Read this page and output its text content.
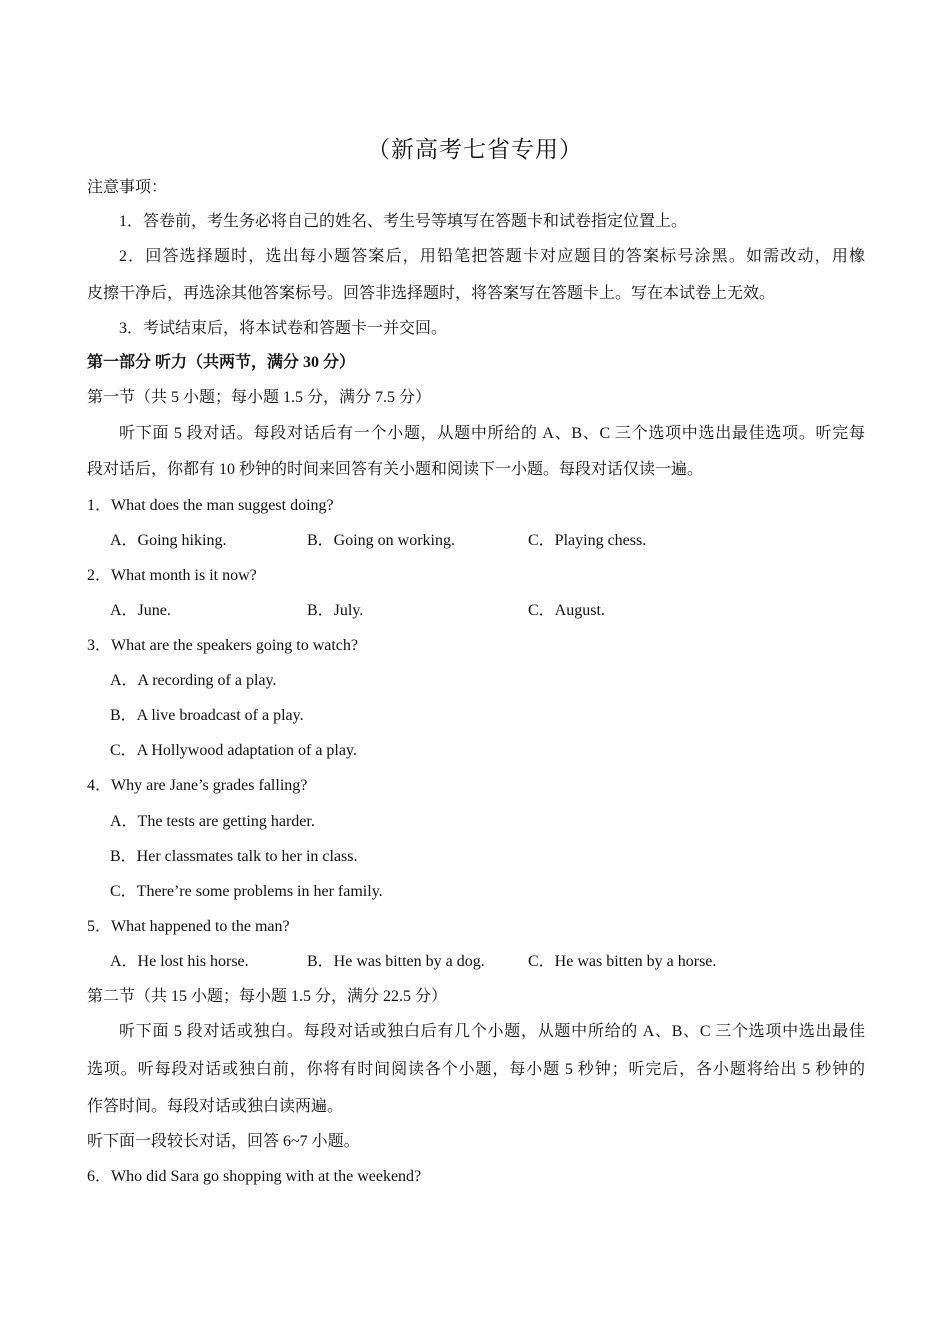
（新高考七省专用）
注意事项：
1．答卷前，考生务必将自己的姓名、考生号等填写在答题卡和试卷指定位置上。
2．回答选择题时，选出每小题答案后，用铅笔把答题卡对应题目的答案标号涂黑。如需改动，用橡
皮擦干净后，再选涂其他答案标号。回答非选择题时，将答案写在答题卡上。写在本试卷上无效。
3．考试结束后，将本试卷和答题卡一并交回。
第一部分 听力（共两节，满分 30 分）
第一节（共 5 小题；每小题 1.5 分，满分 7.5 分）
听下面 5 段对话。每段对话后有一个小题，从题中所给的 A、B、C 三个选项中选出最佳选项。听完每
段对话后，你都有 10 秒钟的时间来回答有关小题和阅读下一小题。每段对话仅读一遍。
1．What does the man suggest doing?
A．Going hiking.	B．Going on working.	C．Playing chess.
2．What month is it now?
A．June.	B．July.	C．August.
3．What are the speakers going to watch?
A．A recording of a play.
B．A live broadcast of a play.
C．A Hollywood adaptation of a play.
4．Why are Jane’s grades falling?
A．The tests are getting harder.
B．Her classmates talk to her in class.
C．There’re some problems in her family.
5．What happened to the man?
A．He lost his horse.	B．He was bitten by a dog.	C．He was bitten by a horse.
第二节（共 15 小题；每小题 1.5 分，满分 22.5 分）
听下面 5 段对话或独白。每段对话或独白后有几个小题，从题中所给的 A、B、C 三个选项中选出最佳
选项。听每段对话或独白前，你将有时间阅读各个小题，每小题 5 秒钟；听完后，各小题将给出 5 秒钟的
作答时间。每段对话或独白读两遍。
听下面一段较长对话，回答 6~7 小题。
6．Who did Sara go shopping with at the weekend?
